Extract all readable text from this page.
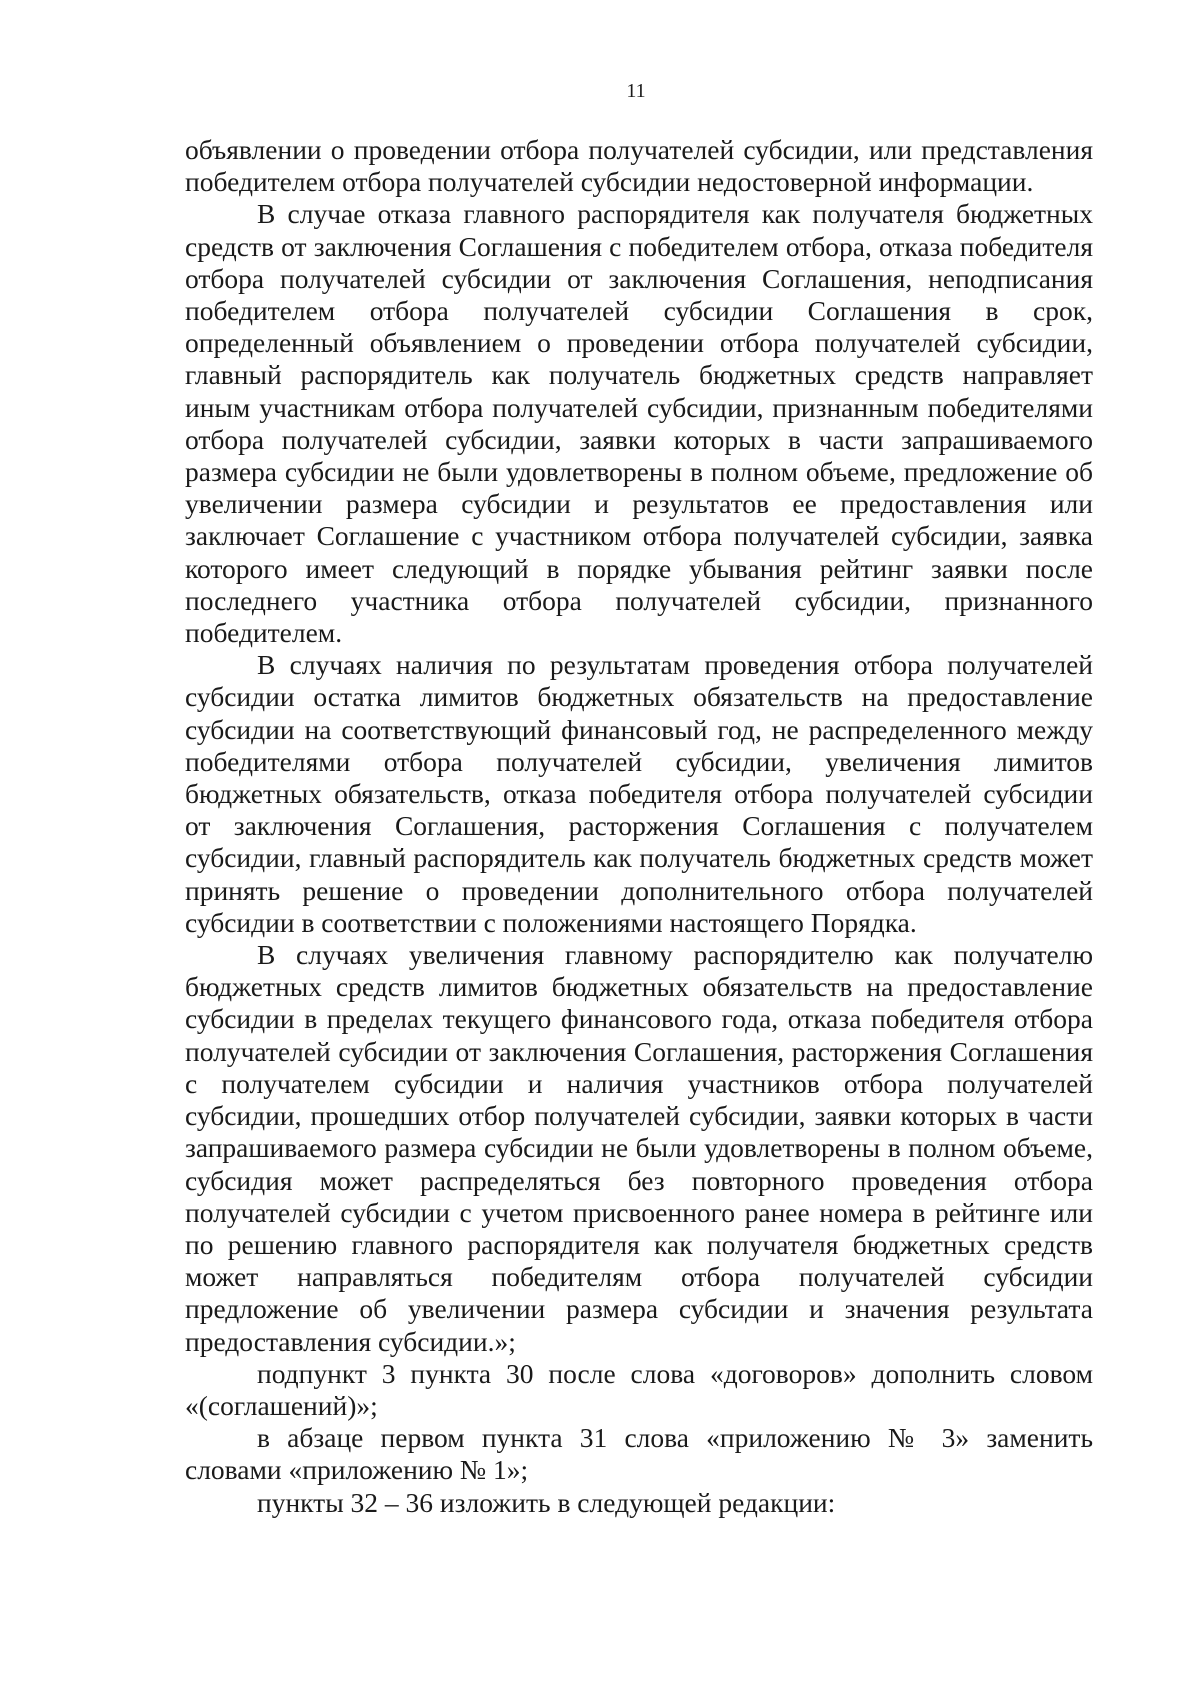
11

объявлении о проведении отбора получателей субсидии, или представления победителем отбора получателей субсидии недостоверной информации.

В случае отказа главного распорядителя как получателя бюджетных средств от заключения Соглашения с победителем отбора, отказа победителя отбора получателей субсидии от заключения Соглашения, неподписания победителем отбора получателей субсидии Соглашения в срок, определенный объявлением о проведении отбора получателей субсидии, главный распорядитель как получатель бюджетных средств направляет иным участникам отбора получателей субсидии, признанным победителями отбора получателей субсидии, заявки которых в части запрашиваемого размера субсидии не были удовлетворены в полном объеме, предложение об увеличении размера субсидии и результатов ее предоставления или заключает Соглашение с участником отбора получателей субсидии, заявка которого имеет следующий в порядке убывания рейтинг заявки после последнего участника отбора получателей субсидии, признанного победителем.

В случаях наличия по результатам проведения отбора получателей субсидии остатка лимитов бюджетных обязательств на предоставление субсидии на соответствующий финансовый год, не распределенного между победителями отбора получателей субсидии, увеличения лимитов бюджетных обязательств, отказа победителя отбора получателей субсидии от заключения Соглашения, расторжения Соглашения с получателем субсидии, главный распорядитель как получатель бюджетных средств может принять решение о проведении дополнительного отбора получателей субсидии в соответствии с положениями настоящего Порядка.

В случаях увеличения главному распорядителю как получателю бюджетных средств лимитов бюджетных обязательств на предоставление субсидии в пределах текущего финансового года, отказа победителя отбора получателей субсидии от заключения Соглашения, расторжения Соглашения с получателем субсидии и наличия участников отбора получателей субсидии, прошедших отбор получателей субсидии, заявки которых в части запрашиваемого размера субсидии не были удовлетворены в полном объеме, субсидия может распределяться без повторного проведения отбора получателей субсидии с учетом присвоенного ранее номера в рейтинге или по решению главного распорядителя как получателя бюджетных средств может направляться победителям отбора получателей субсидии предложение об увеличении размера субсидии и значения результата предоставления субсидии.»;

подпункт 3 пункта 30 после слова «договоров» дополнить словом «(соглашений)»;

в абзаце первом пункта 31 слова «приложению № 3» заменить словами «приложению № 1»;

пункты 32 – 36 изложить в следующей редакции:
